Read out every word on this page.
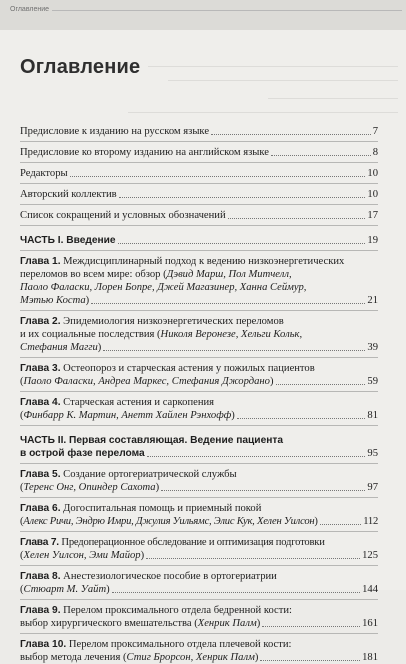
Оглавление
Оглавление
Предисловие к изданию на русском языке	7
Предисловие ко второму изданию на английском языке	8
Редакторы	10
Авторский коллектив	10
Список сокращений и условных обозначений	17
ЧАСТЬ I. Введение	19
Глава 1. Междисциплинарный подход к ведению низкоэнергетических
переломов во всем мире: обзор (Дэвид Марш, Пол Митчелл,
Паоло Фаласки, Лорен Бопре, Джей Магазинер, Ханна Сеймур,
Мэтью Коста)	21
Глава 2. Эпидемиология низкоэнергетических переломов
и их социальные последствия (Николя Веронезе, Хельги Кольк,
Стефания Магги)	39
Глава 3. Остеопороз и старческая астения у пожилых пациентов
(Паоло Фаласки, Андреа Маркес, Стефания Джордано)	59
Глава 4. Старческая астения и саркопения
(Финбарр К. Мартин, Анетт Хайлен Рэнхофф)	81
ЧАСТЬ II. Первая составляющая. Ведение пациента
в острой фазе перелома	95
Глава 5. Создание ортогериатрической службы
(Теренс Онг, Опиндер Сахота)	97
Глава 6. Догоспитальная помощь и приемный покой
(Алекс Ричи, Эндрю Имри, Джулия Уильямс, Элис Кук, Хелен Уилсон)	112
Глава 7. Предоперационное обследование и оптимизация подготовки
(Хелен Уилсон, Эми Майор)	125
Глава 8. Анестезиологическое пособие в ортогериатрии
(Стюарт М. Уайт)	144
Глава 9. Перелом проксимального отдела бедренной кости:
выбор хирургического вмешательства (Хенрик Палм)	161
Глава 10. Перелом проксимального отдела плечевой кости:
выбор метода лечения (Стиг Брорсон, Хенрик Палм)	181
